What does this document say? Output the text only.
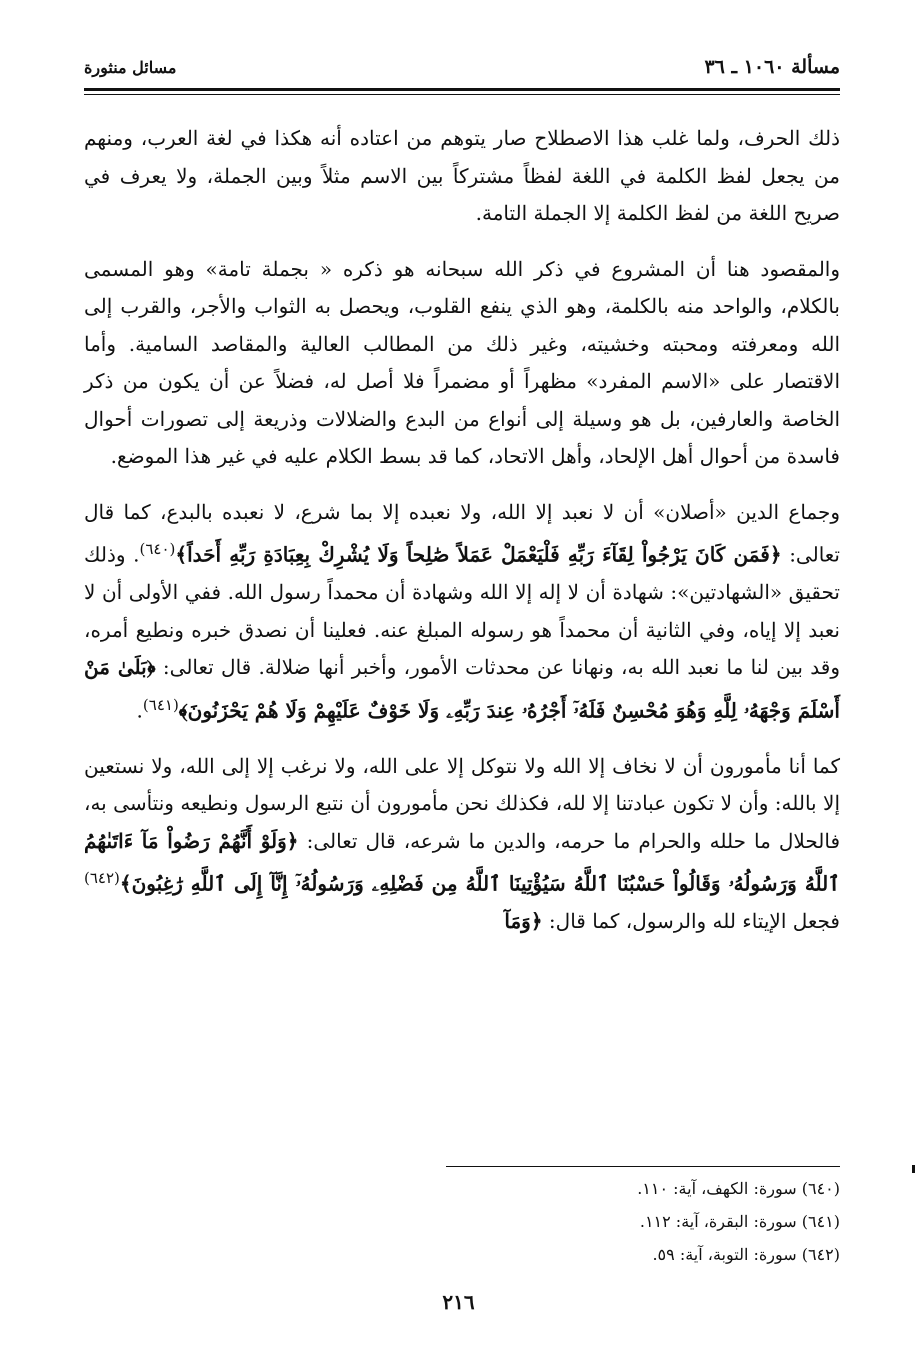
مسألة ١٠٦٠ ـ ٣٦
مسائل منثورة

ذلك الحرف، ولما غلب هذا الاصطلاح صار يتوهم من اعتاده أنه هكذا في لغة العرب، ومنهم من يجعل لفظ الكلمة في اللغة لفظاً مشتركاً بين الاسم مثلاً وبين الجملة، ولا يعرف في صريح اللغة من لفظ الكلمة إلا الجملة التامة.

والمقصود هنا أن المشروع في ذكر الله سبحانه هو ذكره « بجملة تامة» وهو المسمى بالكلام، والواحد منه بالكلمة، وهو الذي ينفع القلوب، ويحصل به الثواب والأجر، والقرب إلى الله ومعرفته ومحبته وخشيته، وغير ذلك من المطالب العالية والمقاصد السامية. وأما الاقتصار على «الاسم المفرد» مظهراً أو مضمراً فلا أصل له، فضلاً عن أن يكون من ذكر الخاصة والعارفين، بل هو وسيلة إلى أنواع من البدع والضلالات وذريعة إلى تصورات أحوال فاسدة من أحوال أهل الإلحاد، وأهل الاتحاد، كما قد بسط الكلام عليه في غير هذا الموضع.

وجماع الدين «أصلان» أن لا نعبد إلا الله، ولا نعبده إلا بما شرع، لا نعبده بالبدع، كما قال تعالى: ﴿فَمَن كَانَ يَرْجُواْ لِقَآءَ رَبِّهِ فَلْيَعْمَلْ عَمَلاً صَٰلِحاً وَلَا يُشْرِكْ بِعِبَادَةِ رَبِّهِ أَحَداً﴾$^{(٦٤٠)}$. وذلك تحقيق «الشهادتين»: شهادة أن لا إله إلا الله وشهادة أن محمداً رسول الله. ففي الأولى أن لا نعبد إلا إياه، وفي الثانية أن محمداً هو رسوله المبلغ عنه. فعلينا أن نصدق خبره ونطيع أمره، وقد بين لنا ما نعبد الله به، ونهانا عن محدثات الأمور، وأخبر أنها ضلالة. قال تعالى: ﴿بَلَىٰ مَنْ أَسْلَمَ وَجْهَهُۥ لِلَّهِ وَهُوَ مُحْسِنٌ فَلَهُۥٓ أَجْرُهُۥ عِندَ رَبِّهِۦ وَلَا خَوْفٌ عَلَيْهِمْ وَلَا هُمْ يَحْزَنُونَ﴾$^{(٦٤١)}$.

كما أنا مأمورون أن لا نخاف إلا الله ولا نتوكل إلا على الله، ولا نرغب إلا إلى الله، ولا نستعين إلا بالله: وأن لا تكون عبادتنا إلا لله، فكذلك نحن مأمورون أن نتبع الرسول ونطيعه ونتأسى به، فالحلال ما حلله والحرام ما حرمه، والدين ما شرعه، قال تعالى: ﴿وَلَوْ أَنَّهُمْ رَضُواْ مَآ ءَاتَىٰهُمُ ٱللَّهُ وَرَسُولُهُۥ وَقَالُواْ حَسْبُنَا ٱللَّهُ سَيُؤْتِينَا ٱللَّهُ مِن فَضْلِهِۦ وَرَسُولُهُۥٓ إِنَّآ إِلَى ٱللَّهِ رَٰغِبُونَ﴾$^{(٦٤٢)}$ فجعل الإيتاء لله والرسول، كما قال: ﴿وَمَآ

(٦٤٠) سورة: الكهف، آية: ١١٠.
(٦٤١) سورة: البقرة، آية: ١١٢.
(٦٤٢) سورة: التوبة، آية: ٥٩.
٢١٦
